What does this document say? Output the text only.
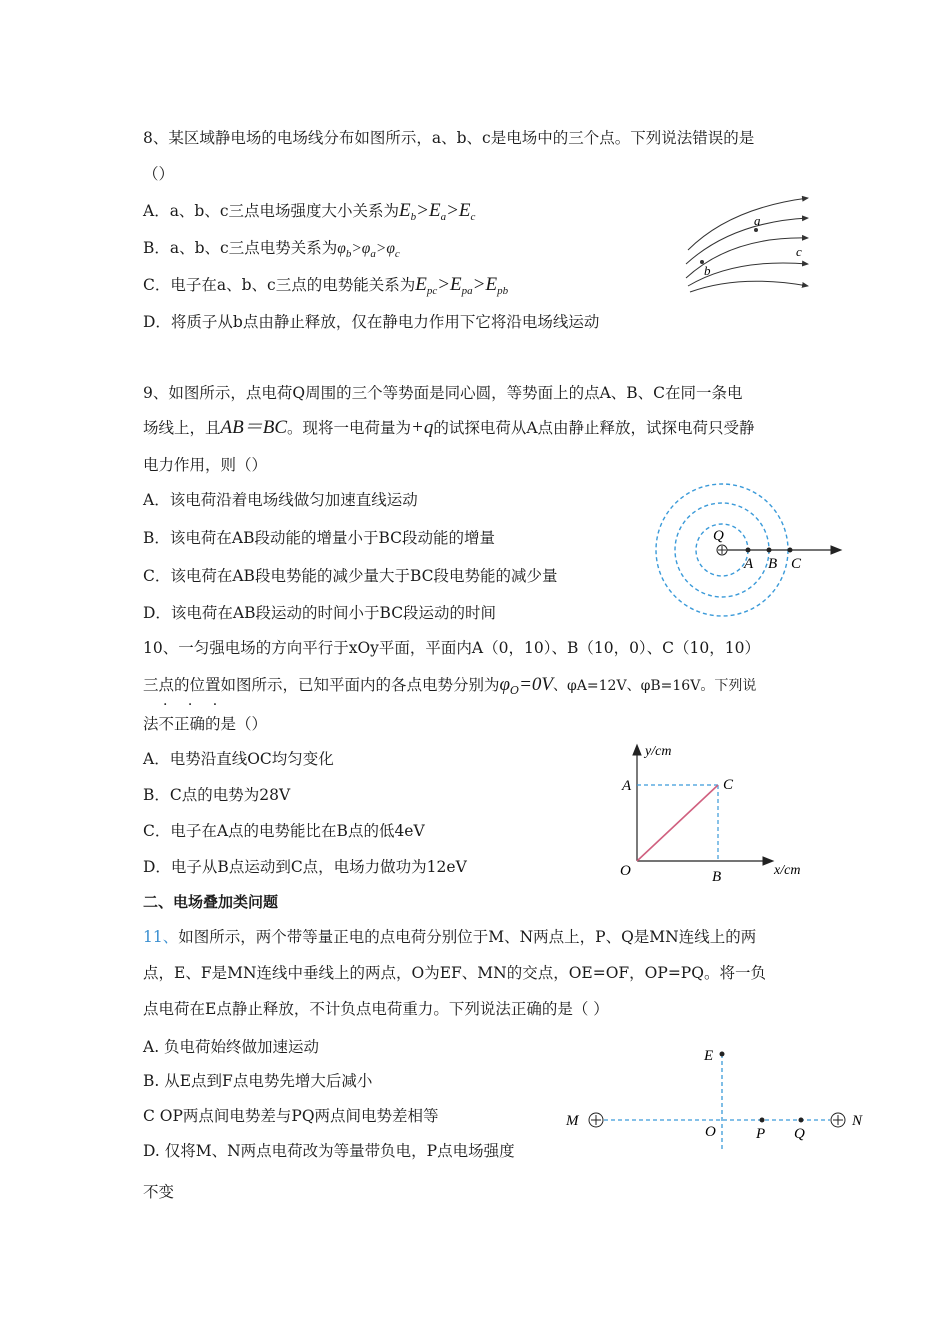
8、某区域静电场的电场线分布如图所示，a、b、c是电场中的三个点。下列说法错误的是
（）
A．a、b、c三点电场强度大小关系为$E_b>E_a>E_c$
B．a、b、c三点电势关系为$\varphi_b>\varphi_a>\varphi_c$
C．电子在a、b、c三点的电势能关系为$E_{pc}>E_{pa}>E_{pb}$
D．将质子从b点由静止释放，仅在静电力作用下它将沿电场线运动
a
b
c
9、如图所示，点电荷Q周围的三个等势面是同心圆，等势面上的点A、B、C在同一条电
场线上，且AB＝BC。现将一电荷量为+q的试探电荷从A点由静止释放，试探电荷只受静
电力作用，则（）
A．该电荷沿着电场线做匀加速直线运动
B．该电荷在AB段动能的增量小于BC段动能的增量
C．该电荷在AB段电势能的减少量大于BC段电势能的减少量
D．该电荷在AB段运动的时间小于BC段运动的时间
Q
A B C
10、一匀强电场的方向平行于xOy平面，平面内A（0，10）、B（10，0）、C（10，10）
三点的位置如图所示，已知平面内的各点电势分别为$\varphi_O=0V$、φA=12V、φB=16V。下列说
· · ·
法不正确的是（）
A．电势沿直线OC均匀变化
B．C点的电势为28V
C．电子在A点的电势能比在B点的低4eV
D．电子从B点运动到C点，电场力做功为12eV
y/cm
x/cm
O
A
B
C
二、电场叠加类问题
11、如图所示，两个带等量正电的点电荷分别位于M、N两点上，P、Q是MN连线上的两
点，E、F是MN连线中垂线上的两点，O为EF、MN的交点，OE=OF，OP=PQ。将一负
点电荷在E点静止释放，不计负点电荷重力。下列说法正确的是（ ）
A. 负电荷始终做加速运动
B. 从E点到F点电势先增大后减小
C OP两点间电势差与PQ两点间电势差相等
D. 仅将M、N两点电荷改为等量带负电，P点电场强度
不变
E
M	N
O	P Q
